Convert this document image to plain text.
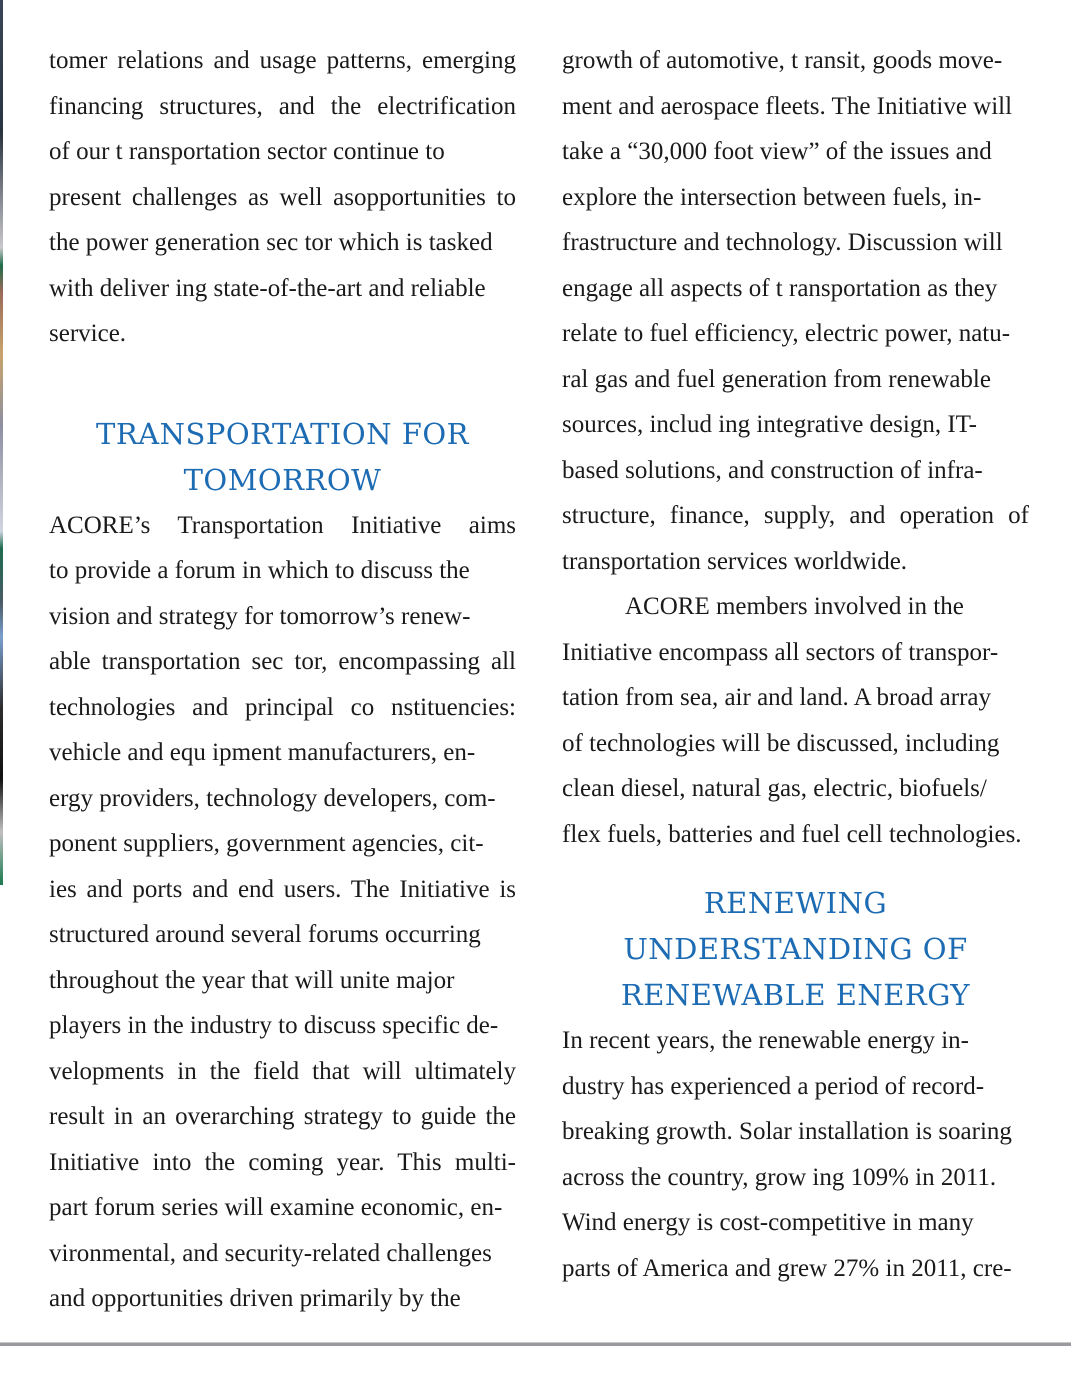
tomer relations and usage patterns, emerging
financing structures, and the electrification
of our t ransportation sector continue to
present challenges as well asopportunities to
the power generation sec tor which is tasked
with deliver ing state-of-the-art and reliable
service.
TRANSPORTATION FOR
TOMORROW
ACORE’s Transportation Initiative aims
to provide a forum in which to discuss the
vision and strategy for tomorrow’s renew-
able transportation sec tor, encompassing all
technologies and principal co nstituencies:
vehicle and equ ipment manufacturers, en-
ergy providers, technology developers, com-
ponent suppliers, government agencies, cit-
ies and ports and end users. The Initiative is
structured around several forums occurring
throughout the year that will unite major
players in the industry to discuss specific de-
velopments in the field that will ultimately
result in an overarching strategy to guide the
Initiative into the coming year. This multi-
part forum series will examine economic, en-
vironmental, and security-related challenges
and opportunities driven primarily by the
growth of automotive, t ransit, goods move-
ment and aerospace fleets. The Initiative will
take a “30,000 foot view” of the issues and
explore the intersection between fuels, in-
frastructure and technology. Discussion will
engage all aspects of t ransportation as they
relate to fuel efficiency, electric power, natu-
ral gas and fuel generation from renewable
sources, includ ing integrative design, IT-
based solutions, and construction of infra-
structure, finance, supply, and operation of
transportation services worldwide.
ACORE members involved in the
Initiative encompass all sectors of transpor-
tation from sea, air and land. A broad array
of technologies will be discussed, including
clean diesel, natural gas, electric, biofuels/
flex fuels, batteries and fuel cell technologies.
RENEWING
UNDERSTANDING OF
RENEWABLE ENERGY
In recent years, the renewable energy in-
dustry has experienced a period of record-
breaking growth. Solar installation is soaring
across the country, grow ing 109% in 2011.
Wind energy is cost-competitive in many
parts of America and grew 27% in 2011, cre-
